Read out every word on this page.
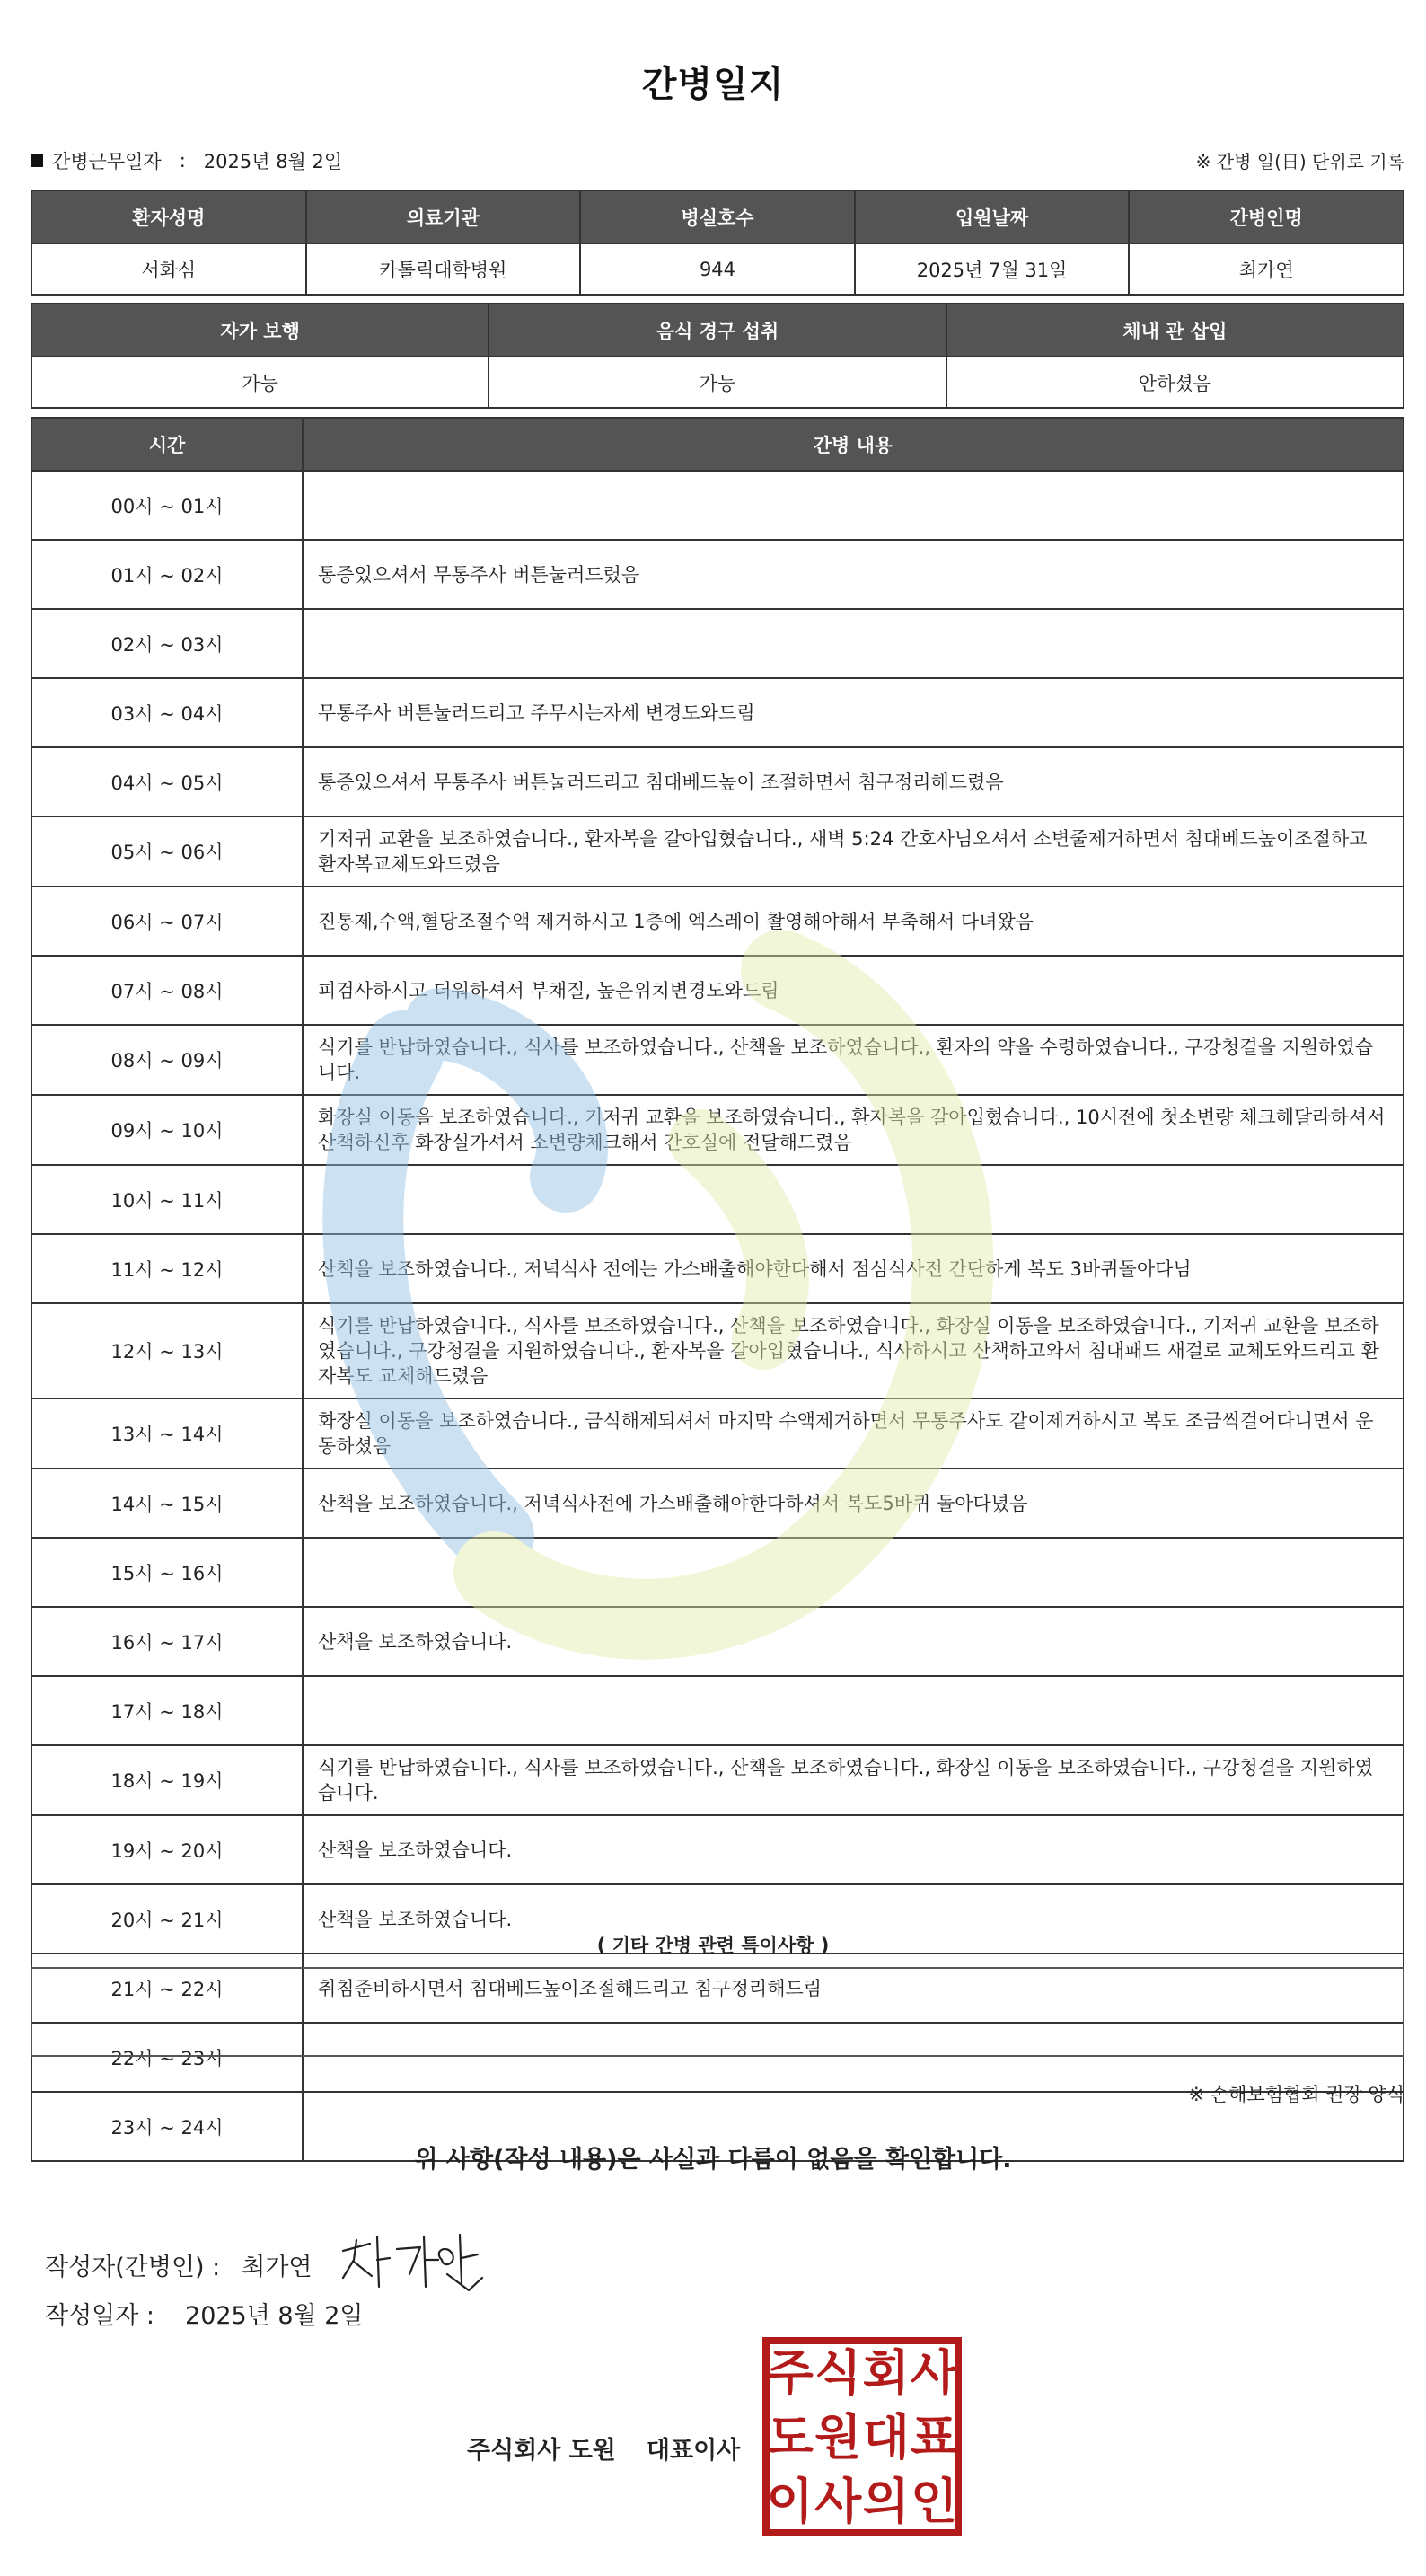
간병일지
간병근무일자 : 2025년 8월 2일	※ 간병 일(日) 단위로 기록
환자성명	의료기관	병실호수	입원날짜	간병인명
서화심	카톨릭대학병원	944	2025년 7월 31일	최가연
자가 보행	음식 경구 섭취	체내 관 삽입
가능	가능	안하셨음
시간	간병 내용
00시 ~ 01시	
01시 ~ 02시	통증있으셔서 무통주사 버튼눌러드렸음
02시 ~ 03시	
03시 ~ 04시	무통주사 버튼눌러드리고 주무시는자세 변경도와드림
04시 ~ 05시	통증있으셔서 무통주사 버튼눌러드리고 침대베드높이 조절하면서 침구정리해드렸음
05시 ~ 06시	기저귀 교환을 보조하였습니다., 환자복을 갈아입혔습니다., 새벽 5:24 간호사님오셔서 소변줄제거하면서 침대베드높이조절하고 환자복교체도와드렸음
06시 ~ 07시	진통제,수액,혈당조절수액 제거하시고 1층에 엑스레이 촬영해야해서 부축해서 다녀왔음
07시 ~ 08시	피검사하시고 더워하셔서 부채질, 높은위치변경도와드림
08시 ~ 09시	식기를 반납하였습니다., 식사를 보조하였습니다., 산책을 보조하였습니다., 환자의 약을 수령하였습니다., 구강청결을 지원하였습니다.
09시 ~ 10시	화장실 이동을 보조하였습니다., 기저귀 교환을 보조하였습니다., 환자복을 갈아입혔습니다., 10시전에 첫소변량 체크해달라하셔서 산책하신후 화장실가셔서 소변량체크해서 간호실에 전달해드렸음
10시 ~ 11시	
11시 ~ 12시	산책을 보조하였습니다., 저녁식사 전에는 가스배출해야한다해서 점심식사전 간단하게 복도 3바퀴돌아다님
12시 ~ 13시	식기를 반납하였습니다., 식사를 보조하였습니다., 산책을 보조하였습니다., 화장실 이동을 보조하였습니다., 기저귀 교환을 보조하였습니다., 구강청결을 지원하였습니다., 환자복을 갈아입혔습니다., 식사하시고 산책하고와서 침대패드 새걸로 교체도와드리고 환자복도 교체해드렸음
13시 ~ 14시	화장실 이동을 보조하였습니다., 금식해제되셔서 마지막 수액제거하면서 무통주사도 같이제거하시고 복도 조금씩걸어다니면서 운동하셨음
14시 ~ 15시	산책을 보조하였습니다., 저녁식사전에 가스배출해야한다하셔서 복도5바퀴 돌아다녔음
15시 ~ 16시	
16시 ~ 17시	산책을 보조하였습니다.
17시 ~ 18시	
18시 ~ 19시	식기를 반납하였습니다., 식사를 보조하였습니다., 산책을 보조하였습니다., 화장실 이동을 보조하였습니다., 구강청결을 지원하였습니다.
19시 ~ 20시	산책을 보조하였습니다.
20시 ~ 21시	산책을 보조하였습니다.
21시 ~ 22시	취침준비하시면서 침대베드높이조절해드리고 침구정리해드림
22시 ~ 23시	
23시 ~ 24시	
( 기타 간병 관련 특이사항 )
※ 손해보험협회 권장 양식
위 사항(작성 내용)은 사실과 다름이 없음을 확인합니다.
작성자(간병인) : 최가연
작성일자 : 2025년 8월 2일
주식회사 도원 대표이사
주 식 회 사
도 원 대 표
이 사 의 인
